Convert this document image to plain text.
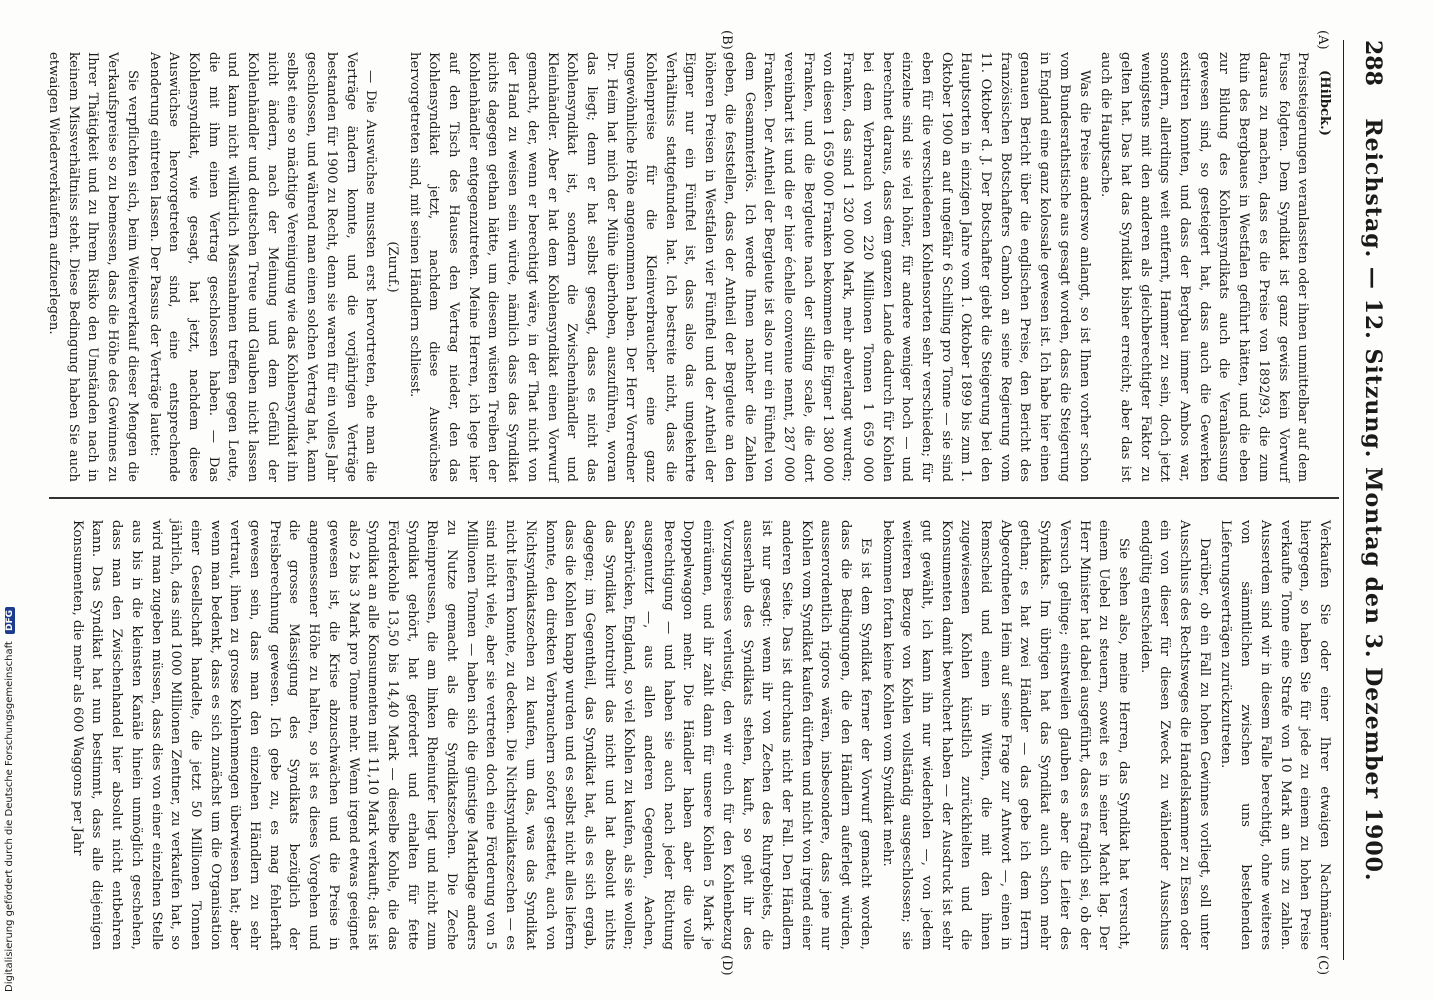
288
Reichstag. — 12. Sitzung. Montag den 3. Dezember 1900.
(A)
(B)
(C)
(D)

(Hilbck.)

Preissteigerungen veranlassten oder ihnen unmittelbar auf dem Fusse folgten. Dem Syndikat ist ganz gewiss kein Vorwurf daraus zu machen, dass es die Preise von 1892/93, die zum Ruin des Bergbaues in Westfalen geführt hätten, und die eben zur Bildung des Kohlensyndikats auch die Veranlassung gewesen sind, so gesteigert hat, dass auch die Gewerken existiren konnten, und dass der Bergbau immer Ambos war, sondern, allerdings weit entfernt, Hammer zu sein, doch jetzt wenigstens mit den anderen als gleichberechtigter Faktor zu gelten hat. Das hat das Syndikat bisher erreicht; aber das ist auch die Hauptsache.

Was die Preise anderswo anlangt, so ist Ihnen vorher schon vom Bundesrathstische aus gesagt worden, dass die Steigerung in England eine ganz kolossale gewesen ist. Ich habe hier einen genauen Bericht über die englischen Preise, den Bericht des französischen Botschafters Cambon an seine Regierung vom 11. Oktober d. J. Der Botschafter giebt die Steigerung bei den Hauptsorten in einzigen Jahre vom 1. Oktober 1899 bis zum 1. Oktober 1900 an auf ungefähr 6 Schilling pro Tonne — sie sind eben für die verschiedenen Kohlensorten sehr verschieden; für einzelne sind sie viel höher, für andere weniger hoch — und berechnet daraus, dass dem ganzen Lande dadurch für Kohlen bei dem Verbrauch von 220 Millionen Tonnen 1 659 000 Franken, das sind 1 320 000 Mark, mehr abverlangt wurden; von diesen 1 659 000 Franken bekommen die Eigner 1 380 000 Franken, und die Bergleute nach der sliding scale, die dort vereinbart ist und die er hier échelle convenue nennt, 287 000 Franken. Der Antheil der Bergleute ist also nur ein Fünftel von dem Gesammterlös. Ich werde Ihnen nachher die Zahlen geben, die feststellen, dass der Antheil der Bergleute an den höheren Preisen in Westfalen vier Fünftel und der Antheil der Eigner nur ein Fünftel ist, dass also das umgekehrte Verhältniss stattgefunden hat. Ich bestreite nicht, dass die Kohlenpreise für die Kleinverbraucher eine ganz ungewöhnliche Höhe angenommen haben. Der Herr Vorredner Dr. Heim hat mich der Mühe überhoben, auszuführen, woran das liegt; denn er hat selbst gesagt, dass es nicht das Kohlensyndikat ist, sondern die Zwischenhändler und Kleinhändler. Aber er hat dem Kohlensyndikat einen Vorwurf gemacht, der, wenn er berechtigt wäre, in der That nicht von der Hand zu weisen sein würde, nämlich dass das Syndikat nichts dagegen gethan hätte, um diesem wüsten Treiben der Kohlenhändler entgegenzutreten. Meine Herren, ich lege hier auf den Tisch des Hauses den Vertrag nieder, den das Kohlensyndikat jetzt, nachdem diese Auswüchse hervorgetreten sind, mit seinen Händlern schliesst.

(Zuruf.)

— Die Auswüchse mussten erst hervortreten, ehe man die Verträge ändern konnte, und die vorjährigen Verträge bestanden für 1900 zu Recht, denn sie waren für ein volles Jahr geschlossen, und während man einen solchen Vertrag hat, kann selbst eine so mächtige Vereinigung wie das Kohlensyndikat ihn nicht ändern, nach der Meinung und dem Gefühl der Kohlenhändler und deutschen Treue und Glauben nicht lassen und kann nicht willkürlich Massnahmen treffen gegen Leute, die mit ihm einen Vertrag geschlossen haben. — Das Kohlensyndikat, wie gesagt, hat jetzt, nachdem diese Auswüchse hervorgetreten sind, eine entsprechende Aenderung eintreten lassen. Der Passus der Verträge lautet:

Sie verpflichten sich, beim Weiterverkauf dieser Mengen die Verkaufspreise so zu bemessen, dass die Höhe des Gewinnes zu Ihrer Thätigkeit und zu Ihrem Risiko den Umständen nach in keinem Missverhältniss steht. Diese Bedingung haben Sie auch etwaigen Wiederverkäufern aufzuerlegen.

Verkaufen Sie oder einer Ihrer etwaigen Nachmänner hiergegen, so haben Sie für jede zu einem zu hohen Preise verkaufte Tonne eine Strafe von 10 Mark an uns zu zahlen. Ausserdem sind wir in diesem Falle berechtigt, ohne weiteres von sämmtlichen zwischen uns bestehenden Lieferungsverträgen zurückzutreten.

Darüber, ob ein Fall zu hohen Gewinnes vorliegt, soll unter Ausschluss des Rechtsweges die Handelskammer zu Essen oder ein von dieser für diesen Zweck zu wählender Ausschuss endgültig entscheiden.

Sie sehen also, meine Herren, das Syndikat hat versucht, einem Uebel zu steuern, soweit es in seiner Macht lag. Der Herr Minister hat dabei ausgeführt, dass es fraglich sei, ob der Versuch gelinge; einstweilen glauben es aber die Leiter des Syndikats. Im übrigen hat das Syndikat auch schon mehr gethan; es hat zwei Händler — das gebe ich dem Herrn Abgeordneten Heim auf seine Frage zur Antwort —, einen in Remscheid und einen in Witten, die mit den ihnen zugewiesenen Kohlen künstlich zurückhielten und die Konsumenten damit bewuchert haben — der Ausdruck ist sehr gut gewählt, ich kann ihn nur wiederholen —, von jedem weiteren Bezuge von Kohlen vollständig ausgeschlossen; sie bekommen fortan keine Kohlen vom Syndikat mehr.

Es ist dem Syndikat ferner der Vorwurf gemacht worden, dass die Bedingungen, die den Händlern auferlegt würden, ausserordentlich rigoros wären, insbesondere, dass jene nur Kohlen vom Syndikat kaufen dürften und nicht von irgend einer anderen Seite. Das ist durchaus nicht der Fall. Den Händlern ist nur gesagt: wenn ihr von Zechen des Ruhrgebiets, die ausserhalb des Syndikats stehen, kauft, so geht ihr des Vorzugspreises verlustig, den wir euch für den Kohlenbezug einräumen, und ihr zahlt dann für unsere Kohlen 5 Mark je Doppelwaggon mehr. Die Händler haben aber die volle Berechtigung — und haben sie auch nach jeder Richtung ausgenutzt —, aus allen anderen Gegenden, Aachen, Saarbrücken, England, so viel Kohlen zu kaufen, als sie wollen; das Syndikat kontrolirt das nicht und hat absolut nichts dagegen; im Gegentheil, das Syndikat hat, als es sich ergab, dass die Kohlen knapp wurden und es selbst nicht alles liefern konnte, den direkten Verbrauchern sofort gestattet, auch von Nichtsyndikatszechen zu kaufen, um das, was das Syndikat nicht liefern konnte, zu decken. Die Nichtsyndikatszechen — es sind nicht viele, aber sie vertreten doch eine Förderung von 5 Millionen Tonnen — haben sich die günstige Marktlage anders zu Nutze gemacht als die Syndikatszechen. Die Zeche Rheinpreussen, die am linken Rheinufer liegt und nicht zum Syndikat gehört, hat gefordert und erhalten für fette Förderkohle 13,50 bis 14,40 Mark — dieselbe Kohle, die das Syndikat an alle Konsumenten mit 11,10 Mark verkauft; das ist also 2 bis 3 Mark pro Tonne mehr. Wenn irgend etwas geeignet gewesen ist, die Krise abzuschwächen und die Preise in angemessener Höhe zu halten, so ist es dieses Vorgehen und die grosse Mässigung des Syndikats bezüglich der Preisberechnung gewesen. Ich gebe zu, es mag fehlerhaft gewesen sein, dass man den einzelnen Händlern zu sehr vertraut, ihnen zu grosse Kohlenmengen überwiesen hat; aber wenn man bedenkt, dass es sich zunächst um die Organisation einer Gesellschaft handelte, die jetzt 50 Millionen Tonnen jährlich, das sind 1000 Millionen Zentner, zu verkaufen hat, so wird man zugeben müssen, dass dies von einer einzelnen Stelle aus bis in die kleinsten Kanäle hinein unmöglich geschehen, dass man den Zwischenhandel hier absolut nicht entbehren kann. Das Syndikat hat nun bestimmt, dass alle diejenigen Konsumenten, die mehr als 600 Waggons per Jahr

Digitalisierung gefördert durch die Deutsche Forschungsgemeinschaft DFG
